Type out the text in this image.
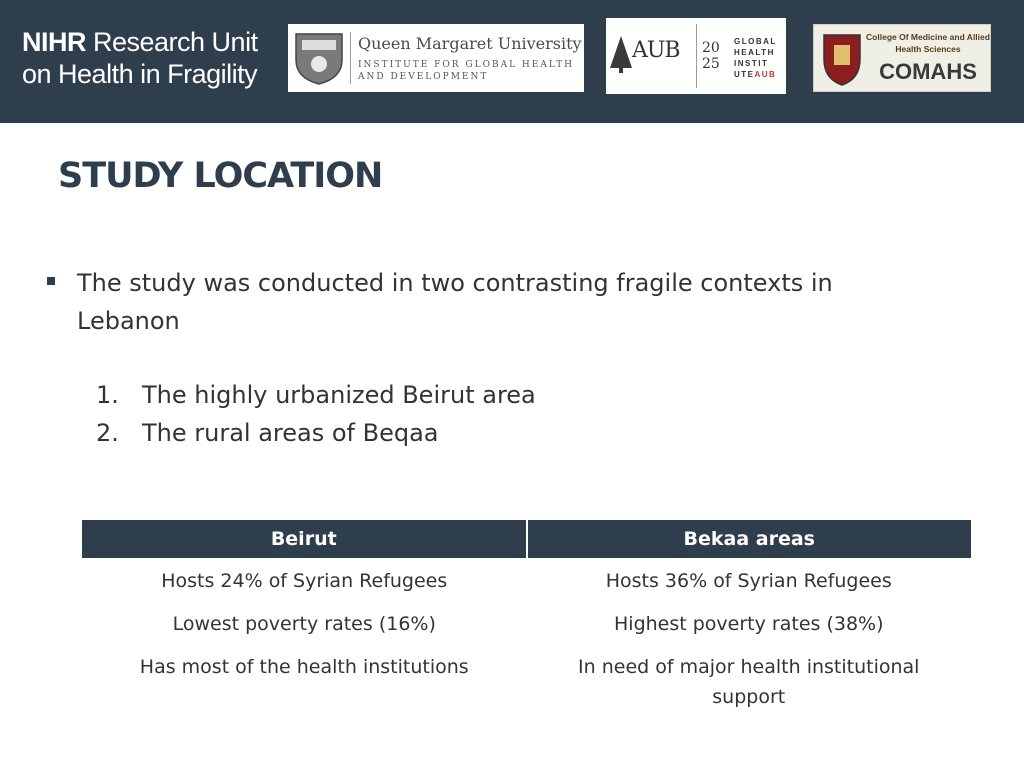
NIHR Research Unit
on Health in Fragility
Queen Margaret University
INSTITUTE FOR GLOBAL HEALTH AND DEVELOPMENT
AUB 20
25
GLOBAL
HEALTH
INSTIT
UTEAUB
College Of Medicine and Allied Health Sciences
COMAHS
STUDY LOCATION
The study was conducted in two contrasting fragile contexts in Lebanon
1. The highly urbanized Beirut area
2. The rural areas of Beqaa
Beirut	Bekaa areas
Hosts 24% of Syrian Refugees	Hosts 36% of Syrian Refugees
Lowest poverty rates (16%)	Highest poverty rates (38%)
Has most of the health institutions	In need of major health institutional support
